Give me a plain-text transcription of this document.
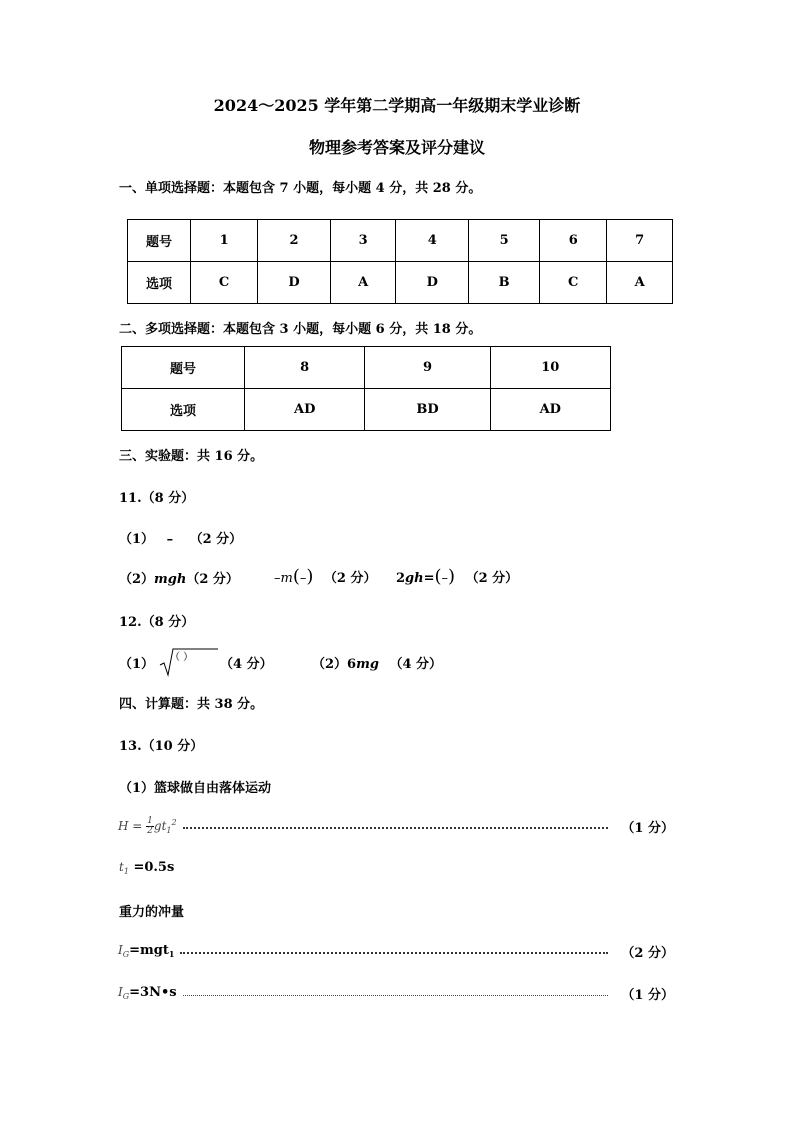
2024～2025 学年第二学期高一年级期末学业诊断
物理参考答案及评分建议
一、单项选择题：本题包含 7 小题，每小题 4 分，共 28 分。
题号	1	2	3	4	5	6	7
选项	C	D	A	D	B	C	A
二、多项选择题：本题包含 3 小题，每小题 6 分，共 18 分。
题号	8	9	10
选项	AD	BD	AD
三、实验题：共 16 分。
11.（8 分）
（1） – （2 分）
（2）mgh（2 分）	–m(–) （2 分） 2gh=(–) （2 分）
12.（8 分）
（1） （ ） （4 分）	（2）6mg （4 分）
四、计算题：共 38 分。
13.（10 分）
（1）篮球做自由落体运动
$H = \frac{1}{2} gt_1^2$	（1 分）
$t_1 =0.5s$
重力的冲量
$I_G=mgt_1$	（2 分）
$I_G=3N•s$	（1 分）
